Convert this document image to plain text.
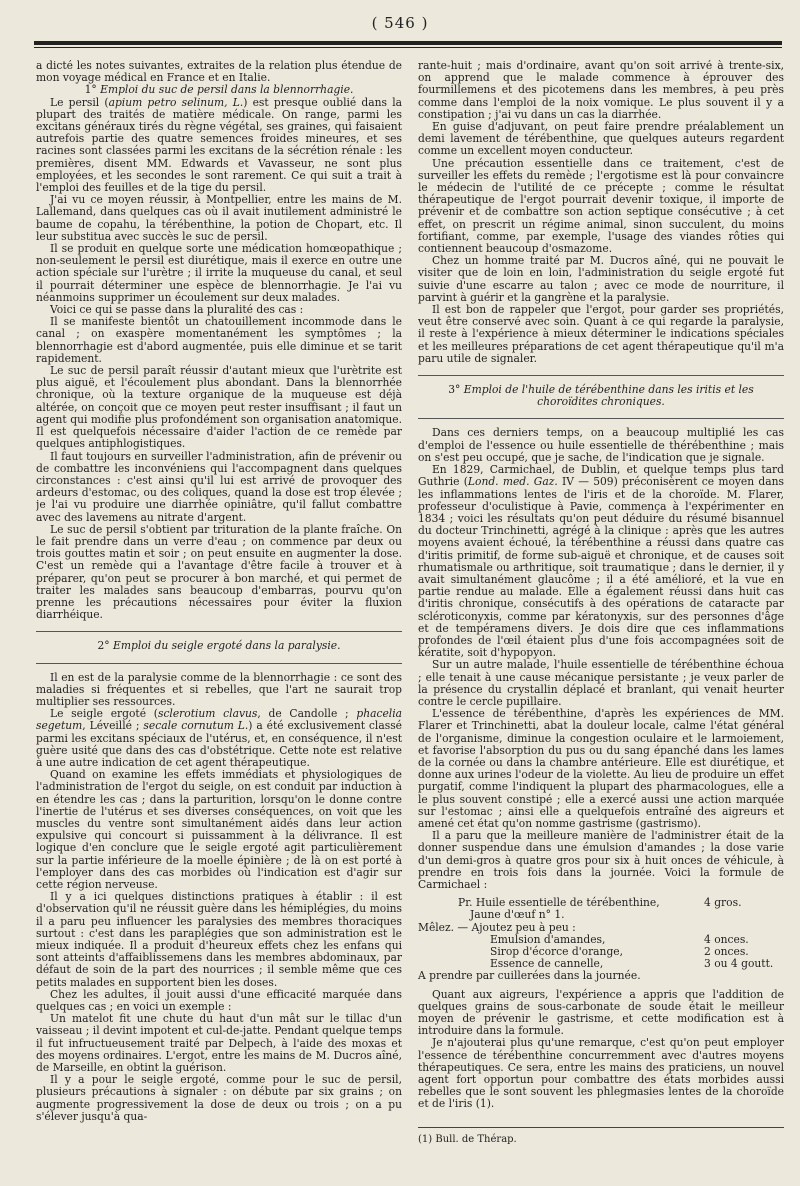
( 546 )

a dicté les notes suivantes, extraites de la relation plus étendue de mon voyage médical en France et en Italie.

1° Emploi du suc de persil dans la blennorrhagie.

Le persil (apium petro selinum, L.) est presque oublié dans la plupart des traités de matière médicale. On range, parmi les excitans généraux tirés du règne végétal, ses graines, qui faisaient autrefois partie des quatre semences froides mineures, et ses racines sont classées parmi les excitans de la sécrétion rénale : les premières, disent MM. Edwards et Vavasseur, ne sont plus employées, et les secondes le sont rarement. Ce qui suit a trait à l'emploi des feuilles et de la tige du persil.

J'ai vu ce moyen réussir, à Montpellier, entre les mains de M. Lallemand, dans quelques cas où il avait inutilement administré le baume de copahu, la térébenthine, la potion de Chopart, etc. Il leur substitua avec succès le suc de persil.

Il se produit en quelque sorte une médication homœopathique ; non-seulement le persil est diurétique, mais il exerce en outre une action spéciale sur l'urètre ; il irrite la muqueuse du canal, et seul il pourrait déterminer une espèce de blennorrhagie. Je l'ai vu néanmoins supprimer un écoulement sur deux malades.

Voici ce qui se passe dans la pluralité des cas :

Il se manifeste bientôt un chatouillement incommode dans le canal ; on exaspère momentanément les symptômes ; la blennorrhagie est d'abord augmentée, puis elle diminue et se tarit rapidement.

Le suc de persil paraît réussir d'autant mieux que l'urètrite est plus aiguë, et l'écoulement plus abondant. Dans la blennorrhée chronique, où la texture organique de la muqueuse est déjà altérée, on conçoit que ce moyen peut rester insuffisant ; il faut un agent qui modifie plus profondément son organisation anatomique. Il est quelquefois nécessaire d'aider l'action de ce remède par quelques antiphlogistiques.

Il faut toujours en surveiller l'administration, afin de prévenir ou de combattre les inconvéniens qui l'accompagnent dans quelques circonstances : c'est ainsi qu'il lui est arrivé de provoquer des ardeurs d'estomac, ou des coliques, quand la dose est trop élevée ; je l'ai vu produire une diarrhée opiniâtre, qu'il fallut combattre avec des lavemens au nitrate d'argent.

Le suc de persil s'obtient par trituration de la plante fraîche. On le fait prendre dans un verre d'eau ; on commence par deux ou trois gouttes matin et soir ; on peut ensuite en augmenter la dose. C'est un remède qui a l'avantage d'être facile à trouver et à préparer, qu'on peut se procurer à bon marché, et qui permet de traiter les malades sans beaucoup d'embarras, pourvu qu'on prenne les précautions nécessaires pour éviter la fluxion diarrhéique.

2° Emploi du seigle ergoté dans la paralysie.

Il en est de la paralysie comme de la blennorrhagie : ce sont des maladies si fréquentes et si rebelles, que l'art ne saurait trop multiplier ses ressources.

Le seigle ergoté (sclerotium clavus, de Candolle ; phacelia segetum, Léveillé ; secale cornutum L.) a été exclusivement classé parmi les excitans spéciaux de l'utérus, et, en conséquence, il n'est guère usité que dans des cas d'obstétrique. Cette note est relative à une autre indication de cet agent thérapeutique.

Quand on examine les effets immédiats et physiologiques de l'administration de l'ergot du seigle, on est conduit par induction à en étendre les cas ; dans la parturition, lorsqu'on le donne contre l'inertie de l'utérus et ses diverses conséquences, on voit que les muscles du ventre sont simultanément aidés dans leur action expulsive qui concourt si puissamment à la délivrance. Il est logique d'en conclure que le seigle ergoté agit particulièrement sur la partie inférieure de la moelle épinière ; de là on est porté à l'employer dans des cas morbides où l'indication est d'agir sur cette région nerveuse.

Il y a ici quelques distinctions pratiques à établir : il est d'observation qu'il ne réussit guère dans les hémiplégies, du moins il a paru peu influencer les paralysies des membres thoraciques surtout : c'est dans les paraplégies que son administration est le mieux indiquée. Il a produit d'heureux effets chez les enfans qui sont atteints d'affaiblissemens dans les membres abdominaux, par défaut de soin de la part des nourrices ; il semble même que ces petits malades en supportent bien les doses.

Chez les adultes, il jouit aussi d'une efficacité marquée dans quelques cas ; en voici un exemple :

Un matelot fit une chute du haut d'un mât sur le tillac d'un vaisseau ; il devint impotent et cul-de-jatte. Pendant quelque temps il fut infructueusement traité par Delpech, à l'aide des moxas et des moyens ordinaires. L'ergot, entre les mains de M. Ducros aîné, de Marseille, en obtint la guérison.

Il y a pour le seigle ergoté, comme pour le suc de persil, plusieurs précautions à signaler : on débute par six grains ; on augmente progressivement la dose de deux ou trois ; on a pu s'élever jusqu'à qua-

rante-huit ; mais d'ordinaire, avant qu'on soit arrivé à trente-six, on apprend que le malade commence à éprouver des fourmillemens et des picotemens dans les membres, à peu près comme dans l'emploi de la noix vomique. Le plus souvent il y a constipation ; j'ai vu dans un cas la diarrhée.

En guise d'adjuvant, on peut faire prendre préalablement un demi lavement de térébenthine, que quelques auteurs regardent comme un excellent moyen conducteur.

Une précaution essentielle dans ce traitement, c'est de surveiller les effets du remède ; l'ergotisme est là pour convaincre le médecin de l'utilité de ce précepte ; comme le résultat thérapeutique de l'ergot pourrait devenir toxique, il importe de prévenir et de combattre son action septique consécutive ; à cet effet, on prescrit un régime animal, sinon succulent, du moins fortifiant, comme, par exemple, l'usage des viandes rôties qui contiennent beaucoup d'osmazome.

Chez un homme traité par M. Ducros aîné, qui ne pouvait le visiter que de loin en loin, l'administration du seigle ergoté fut suivie d'une escarre au talon ; avec ce mode de nourriture, il parvint à guérir et la gangrène et la paralysie.

Il est bon de rappeler que l'ergot, pour garder ses propriétés, veut être conservé avec soin. Quant à ce qui regarde la paralysie, il reste à l'expérience à mieux déterminer le indications spéciales et les meilleures préparations de cet agent thérapeutique qu'il m'a paru utile de signaler.

3° Emploi de l'huile de térébenthine dans les iritis et les choroïdites chroniques.

Dans ces derniers temps, on a beaucoup multiplié les cas d'emploi de l'essence ou huile essentielle de thérébenthine ; mais on s'est peu occupé, que je sache, de l'indication que je signale.

En 1829, Carmichael, de Dublin, et quelque temps plus tard Guthrie (Lond. med. Gaz. IV — 509) préconisèrent ce moyen dans les inflammations lentes de l'iris et de la choroïde. M. Flarer, professeur d'oculistique à Pavie, commença à l'expérimenter en 1834 ; voici les résultats qu'on peut déduire du résumé bisannuel du docteur Trinchinetti, agrégé à la clinique : après que les autres moyens avaient échoué, la térébenthine a réussi dans quatre cas d'iritis primitif, de forme sub-aiguë et chronique, et de causes soit rhumatismale ou arthritique, soit traumatique ; dans le dernier, il y avait simultanément glaucôme ; il a été amélioré, et la vue en partie rendue au malade. Elle a également réussi dans huit cas d'iritis chronique, consécutifs à des opérations de cataracte par scléroticonyxis, comme par kératonyxis, sur des personnes d'âge et de tempéramens divers. Je dois dire que ces inflammations profondes de l'œil étaient plus d'une fois accompagnées soit de kératite, soit d'hypopyon.

Sur un autre malade, l'huile essentielle de térébenthine échoua ; elle tenait à une cause mécanique persistante ; je veux parler de la présence du crystallin déplacé et branlant, qui venait heurter contre le cercle pupillaire.

L'essence de térébenthine, d'après les expériences de MM. Flarer et Trinchinetti, abat la douleur locale, calme l'état général de l'organisme, diminue la congestion oculaire et le larmoiement, et favorise l'absorption du pus ou du sang épanché dans les lames de la cornée ou dans la chambre antérieure. Elle est diurétique, et donne aux urines l'odeur de la violette. Au lieu de produire un effet purgatif, comme l'indiquent la plupart des pharmacologues, elle a le plus souvent constipé ; elle a exercé aussi une action marquée sur l'estomac ; ainsi elle a quelquefois entraîné des aigreurs et amené cet état qu'on nomme gastrisme (gastrismo).

Il a paru que la meilleure manière de l'administrer était de la donner suspendue dans une émulsion d'amandes ; la dose varie d'un demi-gros à quatre gros pour six à huit onces de véhicule, à prendre en trois fois dans la journée. Voici la formule de Carmichael :

Pr. Huile essentielle de térébenthine,	4 gros.
Jaune d'œuf n° 1.
Mêlez. — Ajoutez peu à peu :
Emulsion d'amandes,	4 onces.
Sirop d'écorce d'orange,	2 onces.
Essence de cannelle,	3 ou 4 goutt.
A prendre par cuillerées dans la journée.

Quant aux aigreurs, l'expérience a appris que l'addition de quelques grains de sous-carbonate de soude était le meilleur moyen de prévenir le gastrisme, et cette modification est à introduire dans la formule.

Je n'ajouterai plus qu'une remarque, c'est qu'on peut employer l'essence de térébenthine concurremment avec d'autres moyens thérapeutiques. Ce sera, entre les mains des praticiens, un nouvel agent fort opportun pour combattre des états morbides aussi rebelles que le sont souvent les phlegmasies lentes de la choroïde et de l'iris (1).

(1) Bull. de Thérap.
